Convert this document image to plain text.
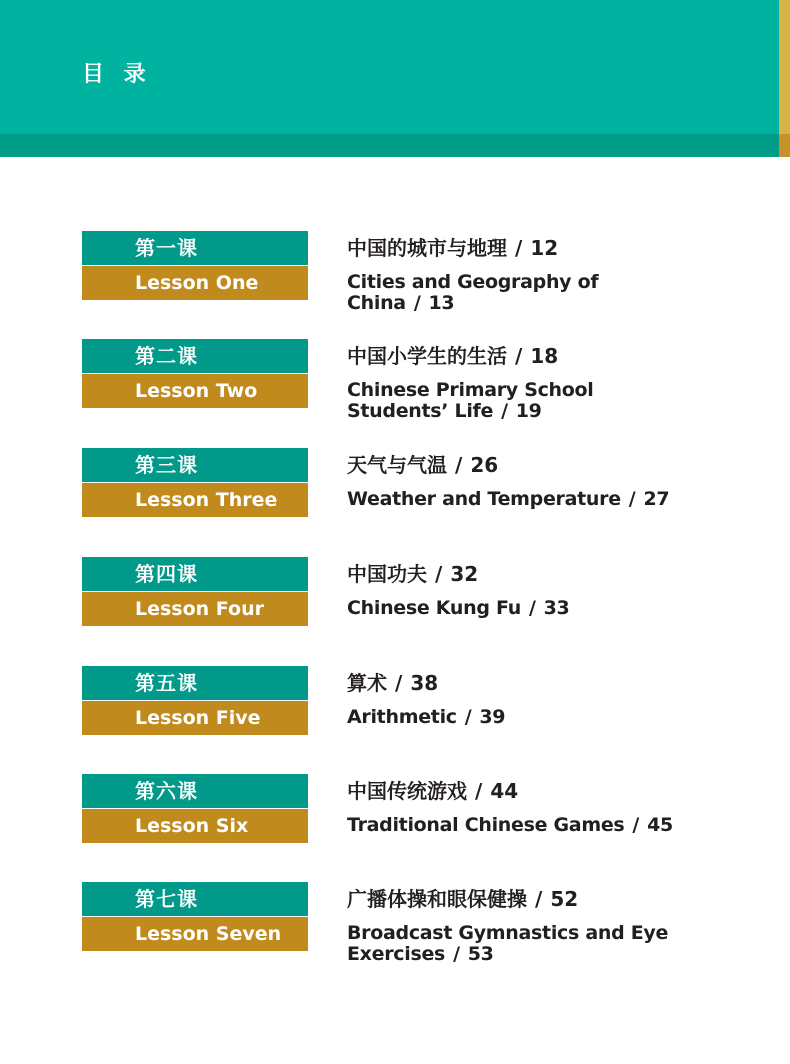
目 录
第一课
Lesson One
中国的城市与地理 / 12
Cities and Geography of China / 13
第二课
Lesson Two
中国小学生的生活 / 18
Chinese Primary School Students’ Life / 19
第三课
Lesson Three
天气与气温 / 26
Weather and Temperature / 27
第四课
Lesson Four
中国功夫 / 32
Chinese Kung Fu / 33
第五课
Lesson Five
算术 / 38
Arithmetic / 39
第六课
Lesson Six
中国传统游戏 / 44
Traditional Chinese Games / 45
第七课
Lesson Seven
广播体操和眼保健操 / 52
Broadcast Gymnastics and Eye Exercises / 53
